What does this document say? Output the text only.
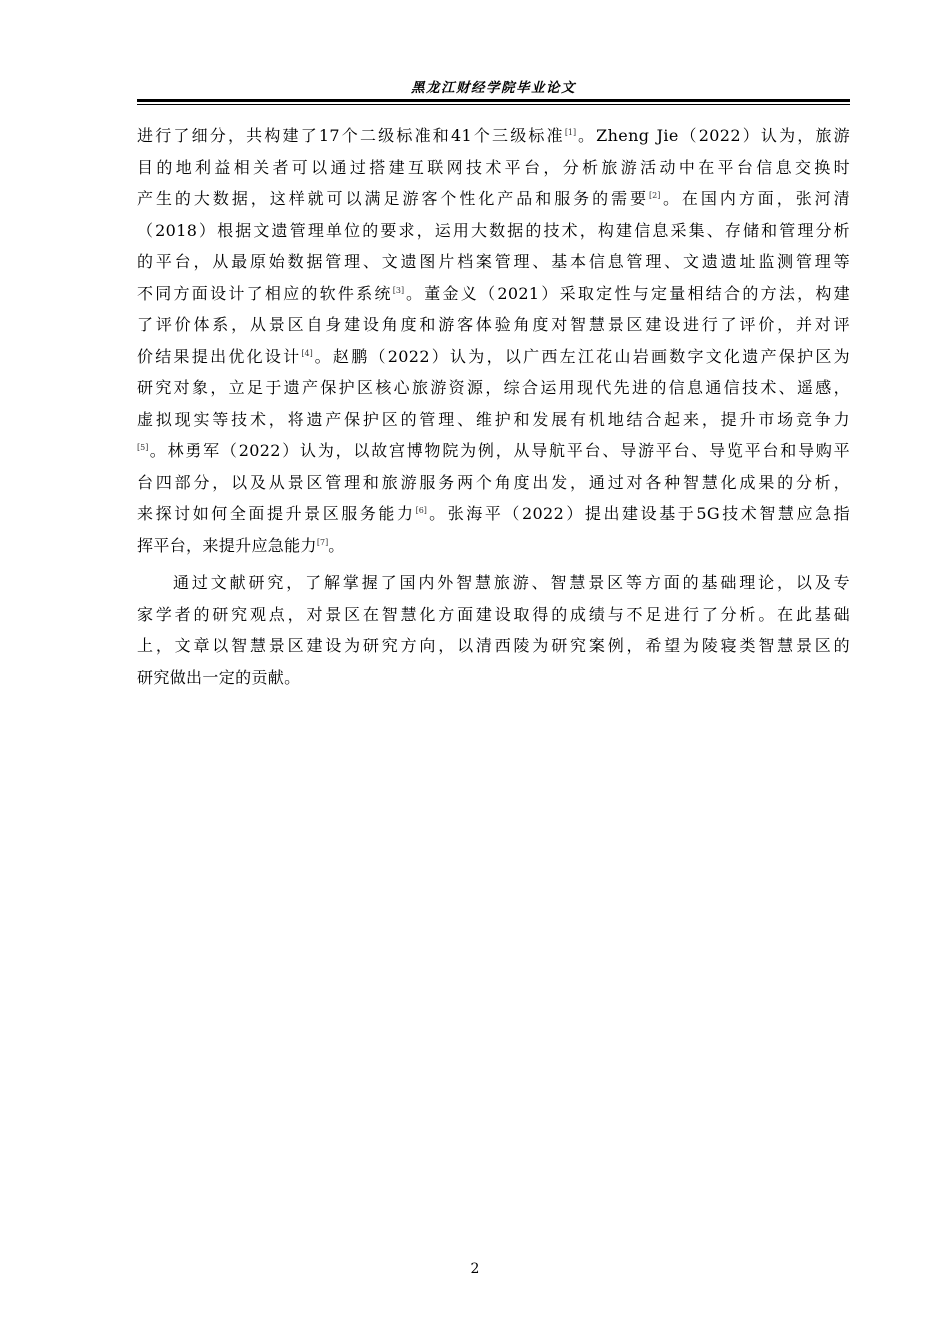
黑龙江财经学院毕业论文
进行了细分，共构建了17个二级标准和41个三级标准[1]。Zheng Jie（2022）认为，旅游
目的地利益相关者可以通过搭建互联网技术平台，分析旅游活动中在平台信息交换时
产生的大数据，这样就可以满足游客个性化产品和服务的需要[2]。在国内方面，张河清
（2018）根据文遗管理单位的要求，运用大数据的技术，构建信息采集、存储和管理分析
的平台，从最原始数据管理、文遗图片档案管理、基本信息管理、文遗遗址监测管理等
不同方面设计了相应的软件系统[3]。董金义（2021）采取定性与定量相结合的方法，构建
了评价体系，从景区自身建设角度和游客体验角度对智慧景区建设进行了评价，并对评
价结果提出优化设计[4]。赵鹏（2022）认为，以广西左江花山岩画数字文化遗产保护区为
研究对象，立足于遗产保护区核心旅游资源，综合运用现代先进的信息通信技术、遥感，
虚拟现实等技术，将遗产保护区的管理、维护和发展有机地结合起来，提升市场竞争力
[5]。林勇军（2022）认为，以故宫博物院为例，从导航平台、导游平台、导览平台和导购平
台四部分，以及从景区管理和旅游服务两个角度出发，通过对各种智慧化成果的分析，
来探讨如何全面提升景区服务能力[6]。张海平（2022）提出建设基于5G技术智慧应急指
挥平台，来提升应急能力[7]。
通过文献研究，了解掌握了国内外智慧旅游、智慧景区等方面的基础理论，以及专
家学者的研究观点，对景区在智慧化方面建设取得的成绩与不足进行了分析。在此基础
上，文章以智慧景区建设为研究方向，以清西陵为研究案例，希望为陵寝类智慧景区的
研究做出一定的贡献。
2
